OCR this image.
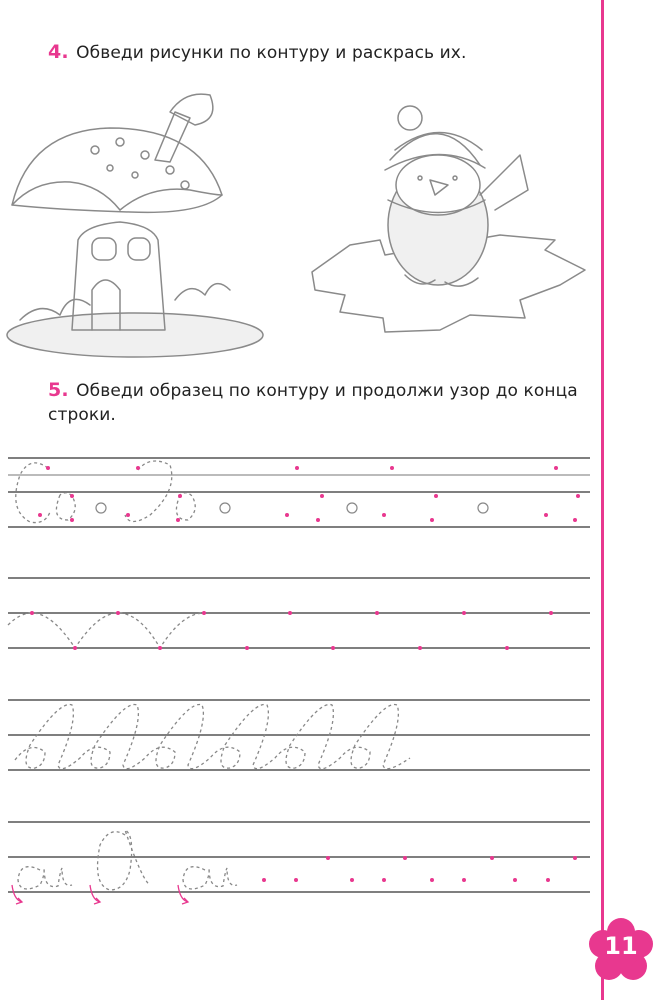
4. Обведи рисунки по контуру и раскрась их.
5. Обведи образец по контуру и продолжи узор до конца строки.
11
